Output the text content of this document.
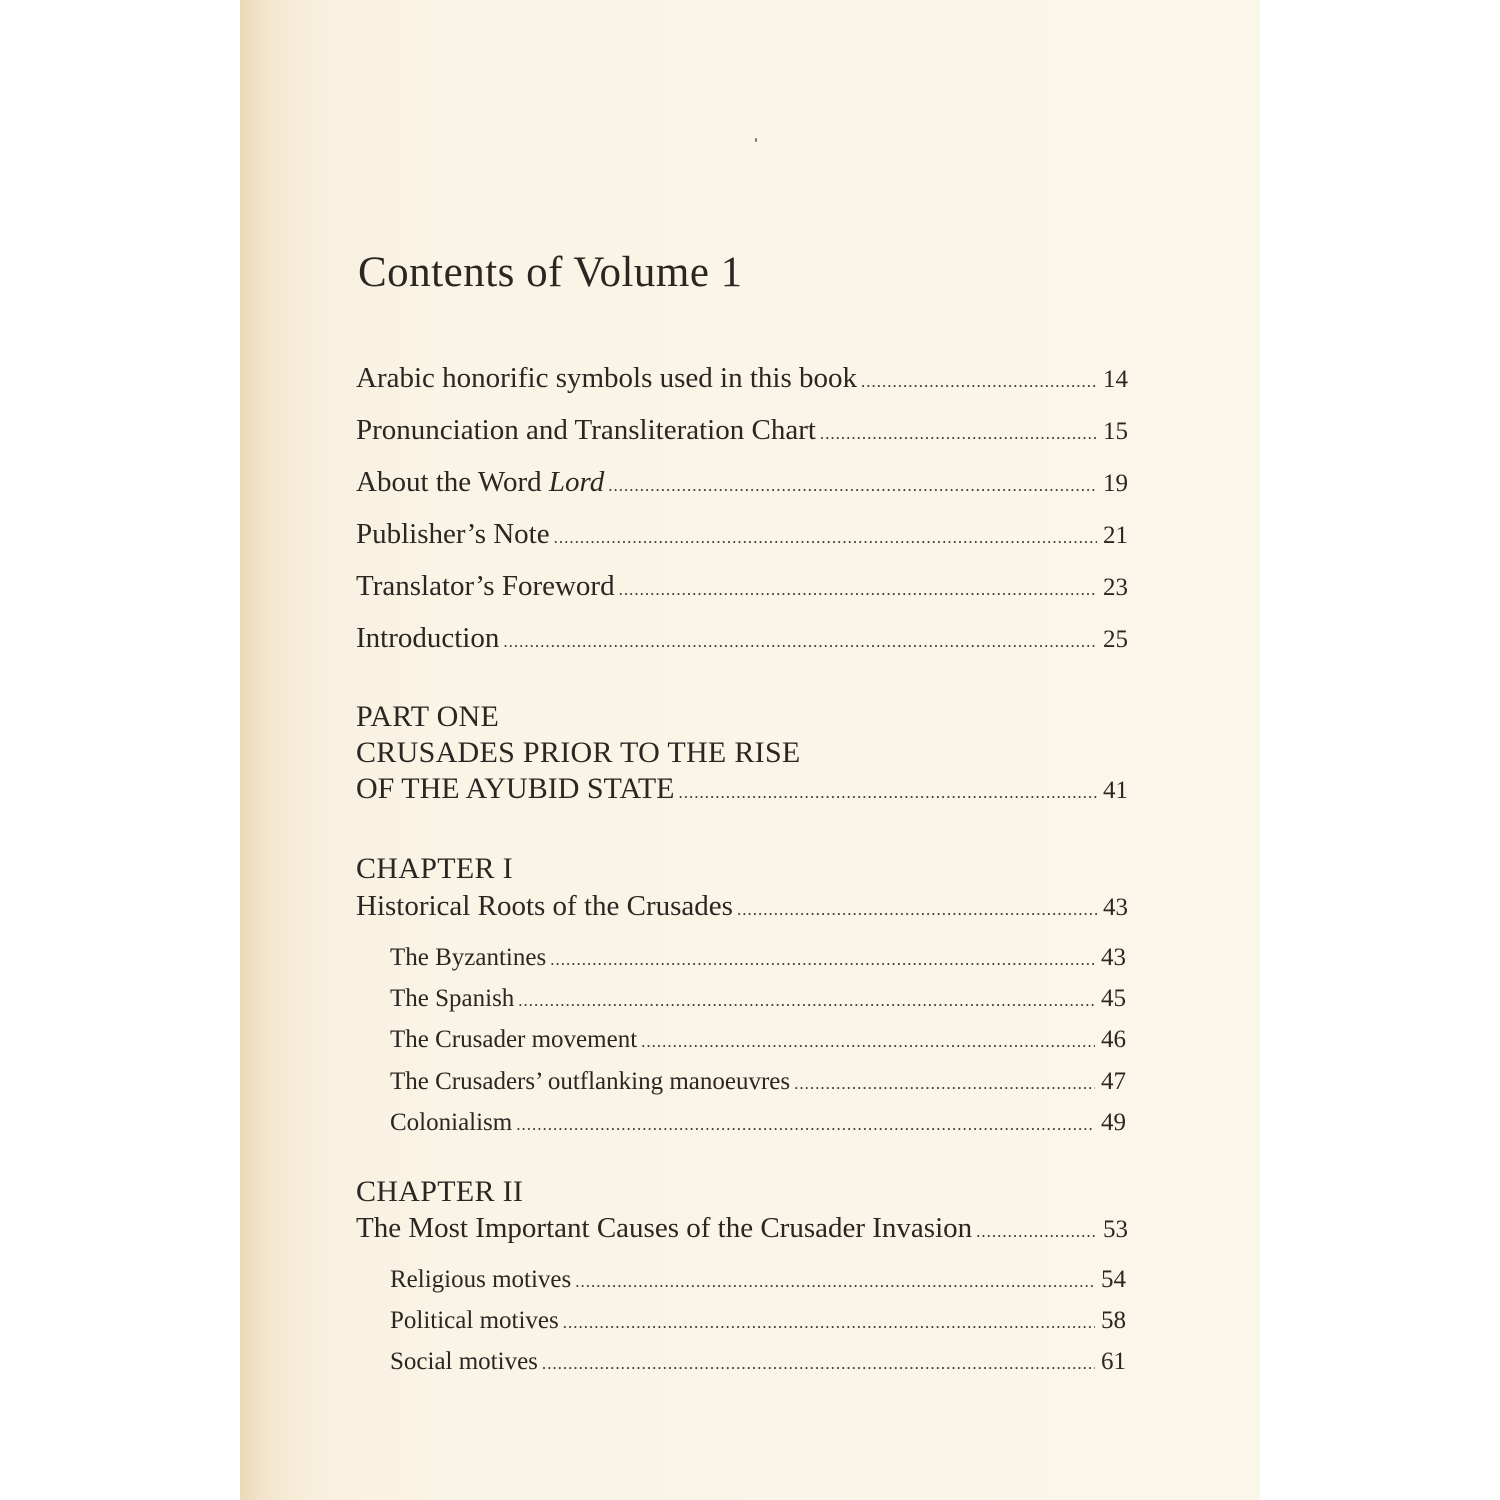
Contents of Volume 1
Arabic honorific symbols used in this book .....	14
Pronunciation and Transliteration Chart .....	15
About the Word Lord .....	19
Publisher’s Note .....	21
Translator’s Foreword .....	23
Introduction .....	25
PART ONE
CRUSADES PRIOR TO THE RISE
OF THE AYUBID STATE .....	41
CHAPTER I
Historical Roots of the Crusades .....	43
The Byzantines .....	43
The Spanish .....	45
The Crusader movement .....	46
The Crusaders’ outflanking manoeuvres .....	47
Colonialism .....	49
CHAPTER II
The Most Important Causes of the Crusader Invasion .....	53
Religious motives .....	54
Political motives .....	58
Social motives .....	61
